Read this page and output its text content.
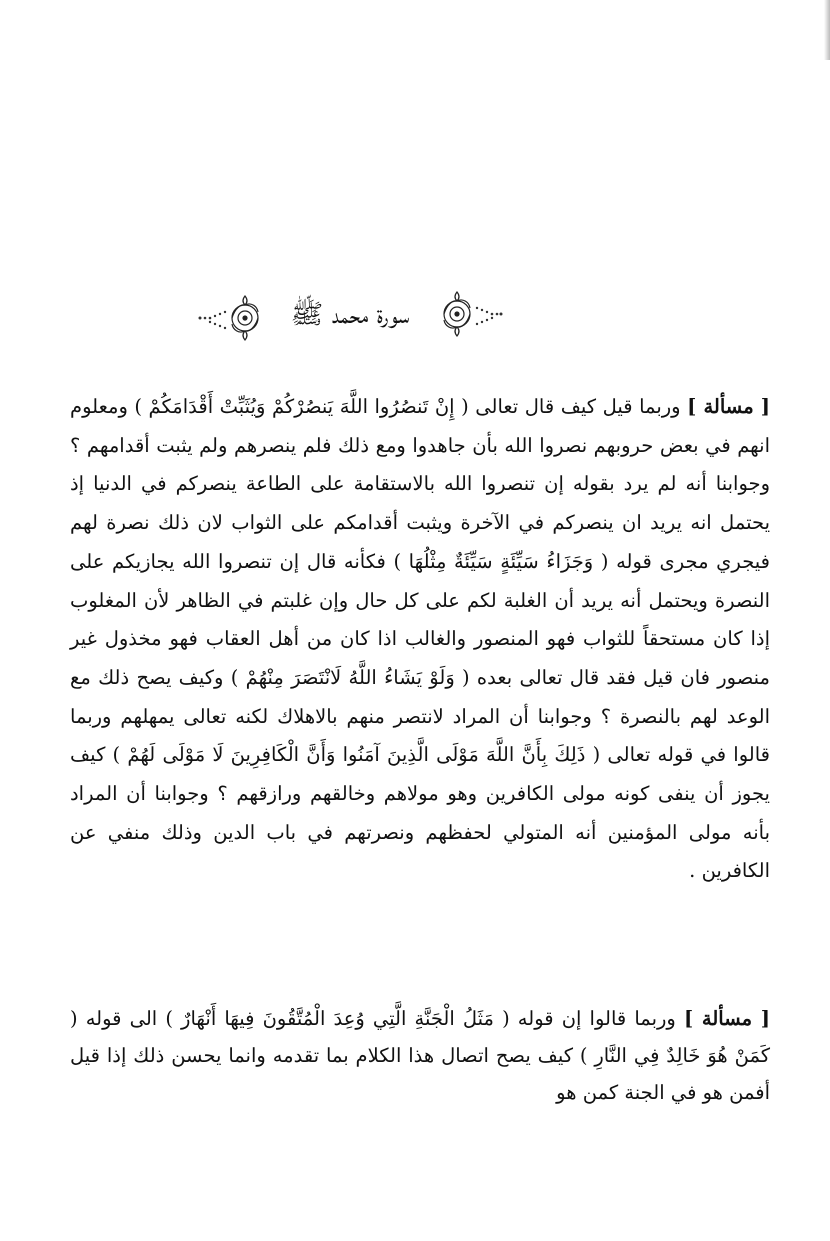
سورة محمد ﷺ

[ مسألة ] وربما قيل كيف قال تعالى ( إِنْ تَنصُرُوا اللَّهَ يَنصُرْكُمْ وَيُثَبِّتْ أَقْدَامَكُمْ ) ومعلوم انهم في بعض حروبهم نصروا الله بأن جاهدوا ومع ذلك فلم ينصرهم ولم يثبت أقدامهم ؟ وجوابنا أنه لم يرد بقوله إن تنصروا الله بالاستقامة على الطاعة ينصركم في الدنيا إذ يحتمل انه يريد ان ينصركم في الآخرة ويثبت أقدامكم على الثواب لان ذلك نصرة لهم فيجري مجرى قوله ( وَجَزَاءُ سَيِّئَةٍ سَيِّئَةٌ مِثْلُهَا ) فكأنه قال إن تنصروا الله يجازيكم على النصرة ويحتمل أنه يريد أن الغلبة لكم على كل حال وإن غلبتم في الظاهر لأن المغلوب إذا كان مستحقاً للثواب فهو المنصور والغالب اذا كان من أهل العقاب فهو مخذول غير منصور فان قيل فقد قال تعالى بعده ( وَلَوْ يَشَاءُ اللَّهُ لَانْتَصَرَ مِنْهُمْ ) وكيف يصح ذلك مع الوعد لهم بالنصرة ؟ وجوابنا أن المراد لانتصر منهم بالاهلاك لكنه تعالى يمهلهم وربما قالوا في قوله تعالى ( ذَلِكَ بِأَنَّ اللَّهَ مَوْلَى الَّذِينَ آمَنُوا وَأَنَّ الْكَافِرِينَ لَا مَوْلَى لَهُمْ ) كيف يجوز أن ينفى كونه مولى الكافرين وهو مولاهم وخالقهم ورازقهم ؟ وجوابنا أن المراد بأنه مولى المؤمنين أنه المتولي لحفظهم ونصرتهم في باب الدين وذلك منفي عن الكافرين .

[ مسألة ] وربما قالوا إن قوله ( مَثَلُ الْجَنَّةِ الَّتِي وُعِدَ الْمُتَّقُونَ فِيهَا أَنْهَارٌ ) الى قوله ( كَمَنْ هُوَ خَالِدٌ فِي النَّارِ ) كيف يصح اتصال هذا الكلام بما تقدمه وانما يحسن ذلك إذا قيل أفمن هو في الجنة كمن هو
